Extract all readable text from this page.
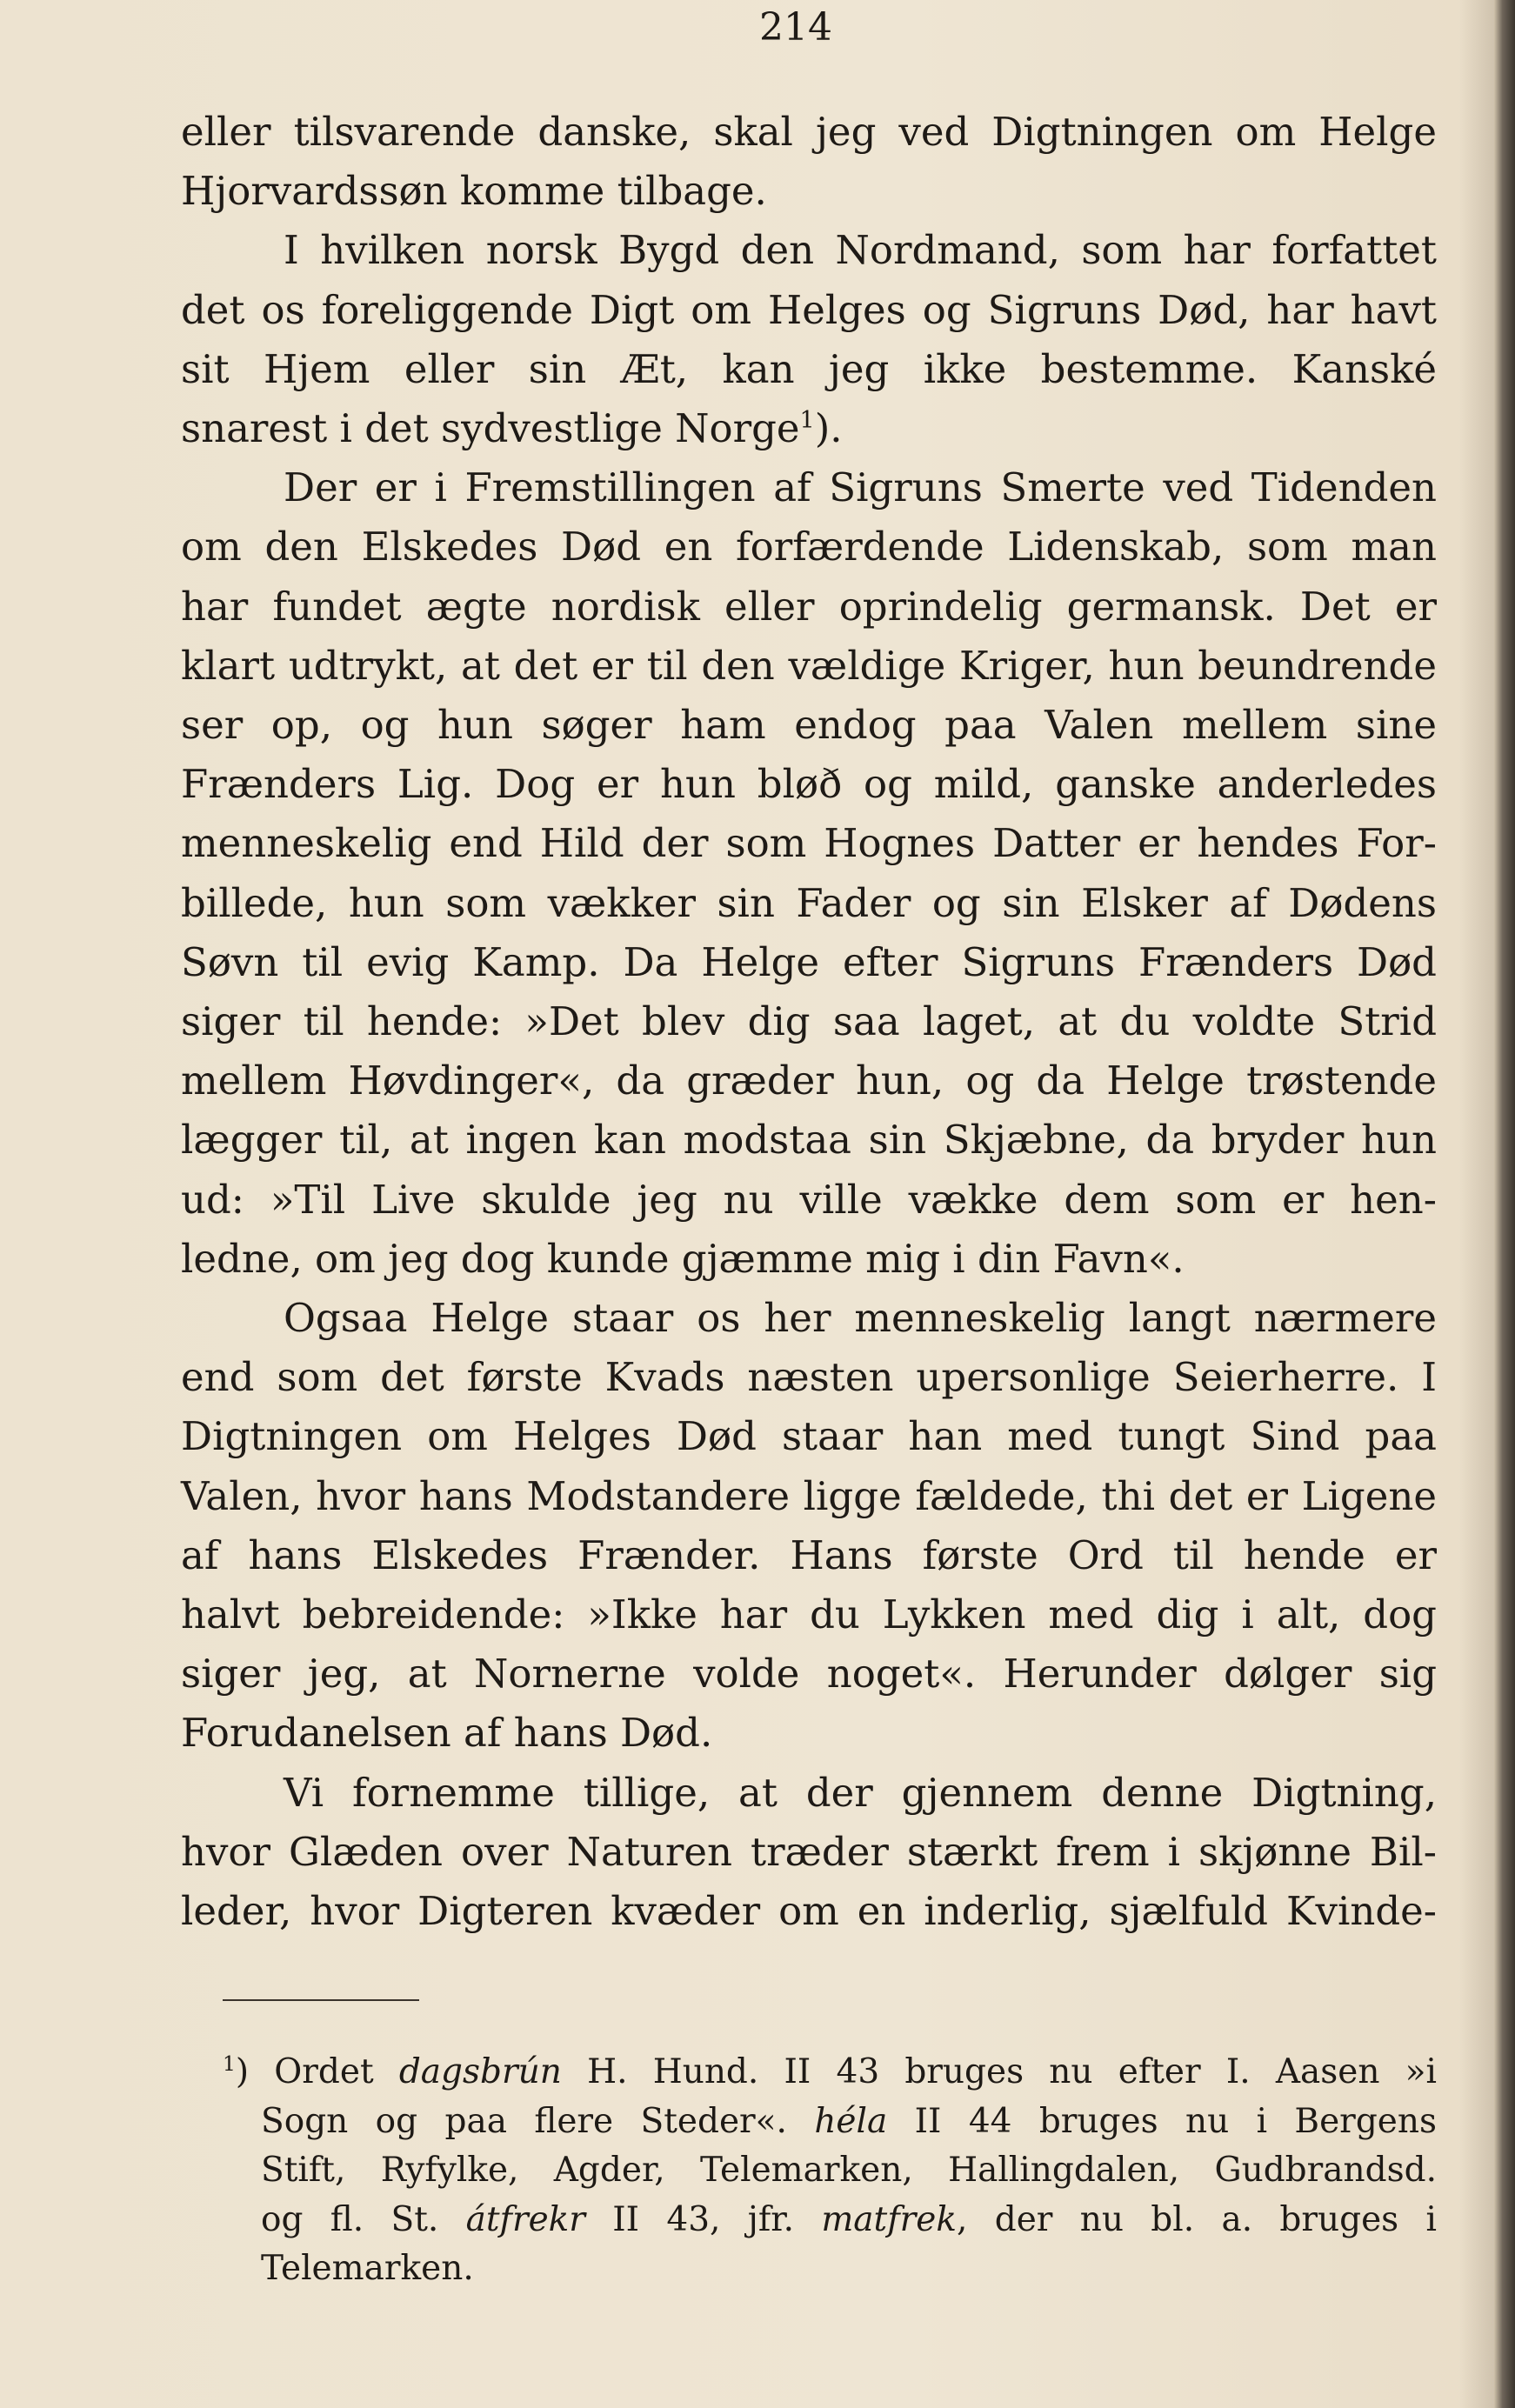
214

eller tilsvarende danske, skal jeg ved Digtningen om Helge
Hjorvardssøn komme tilbage.

I hvilken norsk Bygd den Nordmand, som har forfattet
det os foreliggende Digt om Helges og Sigruns Død, har havt
sit Hjem eller sin Æt, kan jeg ikke bestemme. Kanské
snarest i det sydvestlige Norge$^1$).

Der er i Fremstillingen af Sigruns Smerte ved Tidenden
om den Elskedes Død en forfærdende Lidenskab, som man
har fundet ægte nordisk eller oprindelig germansk. Det er
klart udtrykt, at det er til den vældige Kriger, hun beundrende
ser op, og hun søger ham endog paa Valen mellem sine
Frænders Lig. Dog er hun bløð og mild, ganske anderledes
menneskelig end Hild der som Hognes Datter er hendes For-
billede, hun som vækker sin Fader og sin Elsker af Dødens
Søvn til evig Kamp. Da Helge efter Sigruns Frænders Død
siger til hende: »Det blev dig saa laget, at du voldte Strid
mellem Høvdinger«, da græder hun, og da Helge trøstende
lægger til, at ingen kan modstaa sin Skjæbne, da bryder hun
ud: »Til Live skulde jeg nu ville vække dem som er hen-
ledne, om jeg dog kunde gjæmme mig i din Favn«.

Ogsaa Helge staar os her menneskelig langt nærmere
end som det første Kvads næsten upersonlige Seierherre. I
Digtningen om Helges Død staar han med tungt Sind paa
Valen, hvor hans Modstandere ligge fældede, thi det er Ligene
af hans Elskedes Frænder. Hans første Ord til hende er
halvt bebreidende: »Ikke har du Lykken med dig i alt, dog
siger jeg, at Nornerne volde noget«. Herunder dølger sig
Forudanelsen af hans Død.

Vi fornemme tillige, at der gjennem denne Digtning,
hvor Glæden over Naturen træder stærkt frem i skjønne Bil-
leder, hvor Digteren kvæder om en inderlig, sjælfuld Kvinde-

$^1$) Ordet dagsbrún H. Hund. II 43 bruges nu efter I. Aasen »i
Sogn og paa flere Steder«. héla II 44 bruges nu i Bergens
Stift, Ryfylke, Agder, Telemarken, Hallingdalen, Gudbrandsd.
og fl. St. átfrekr II 43, jfr. matfrek, der nu bl. a. bruges i
Telemarken.
